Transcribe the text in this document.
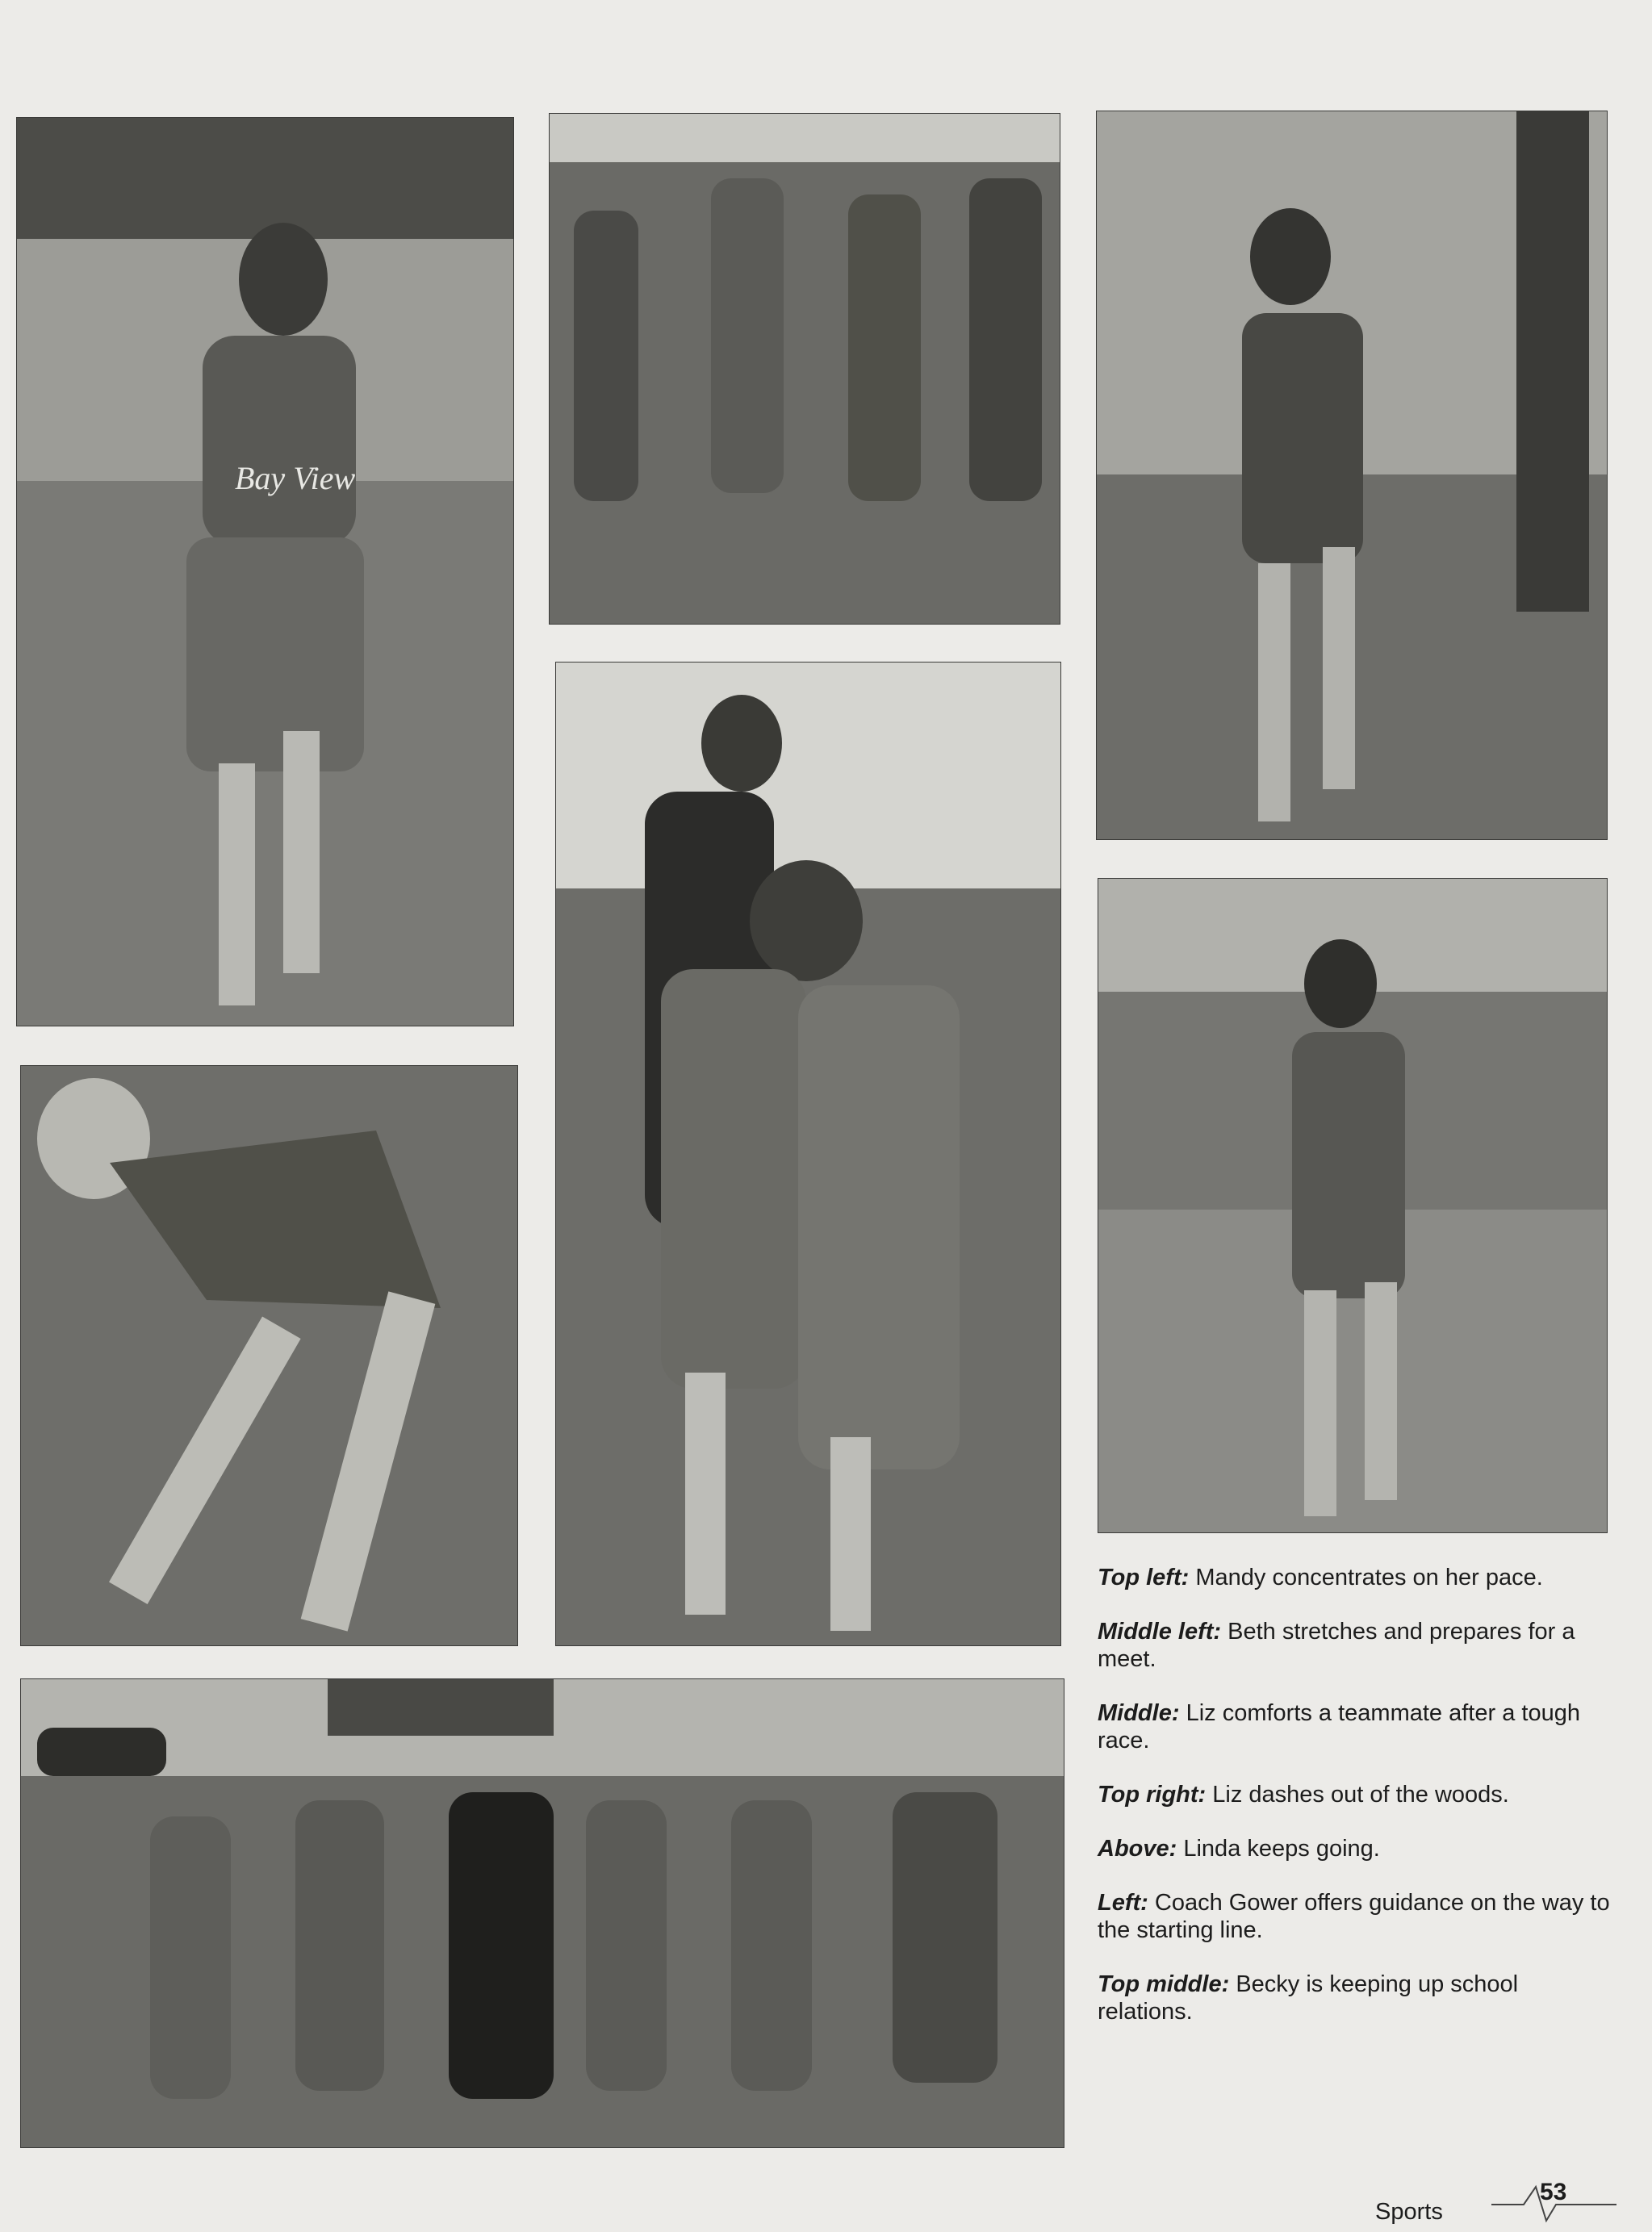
Bay View

Top left: Mandy concentrates on her pace.

Middle left: Beth stretches and prepares for a meet.

Middle: Liz comforts a teammate after a tough race.

Top right: Liz dashes out of the woods.

Above: Linda keeps going.

Left: Coach Gower offers guidance on the way to the starting line.

Top middle: Becky is keeping up school relations.

Sports
53
